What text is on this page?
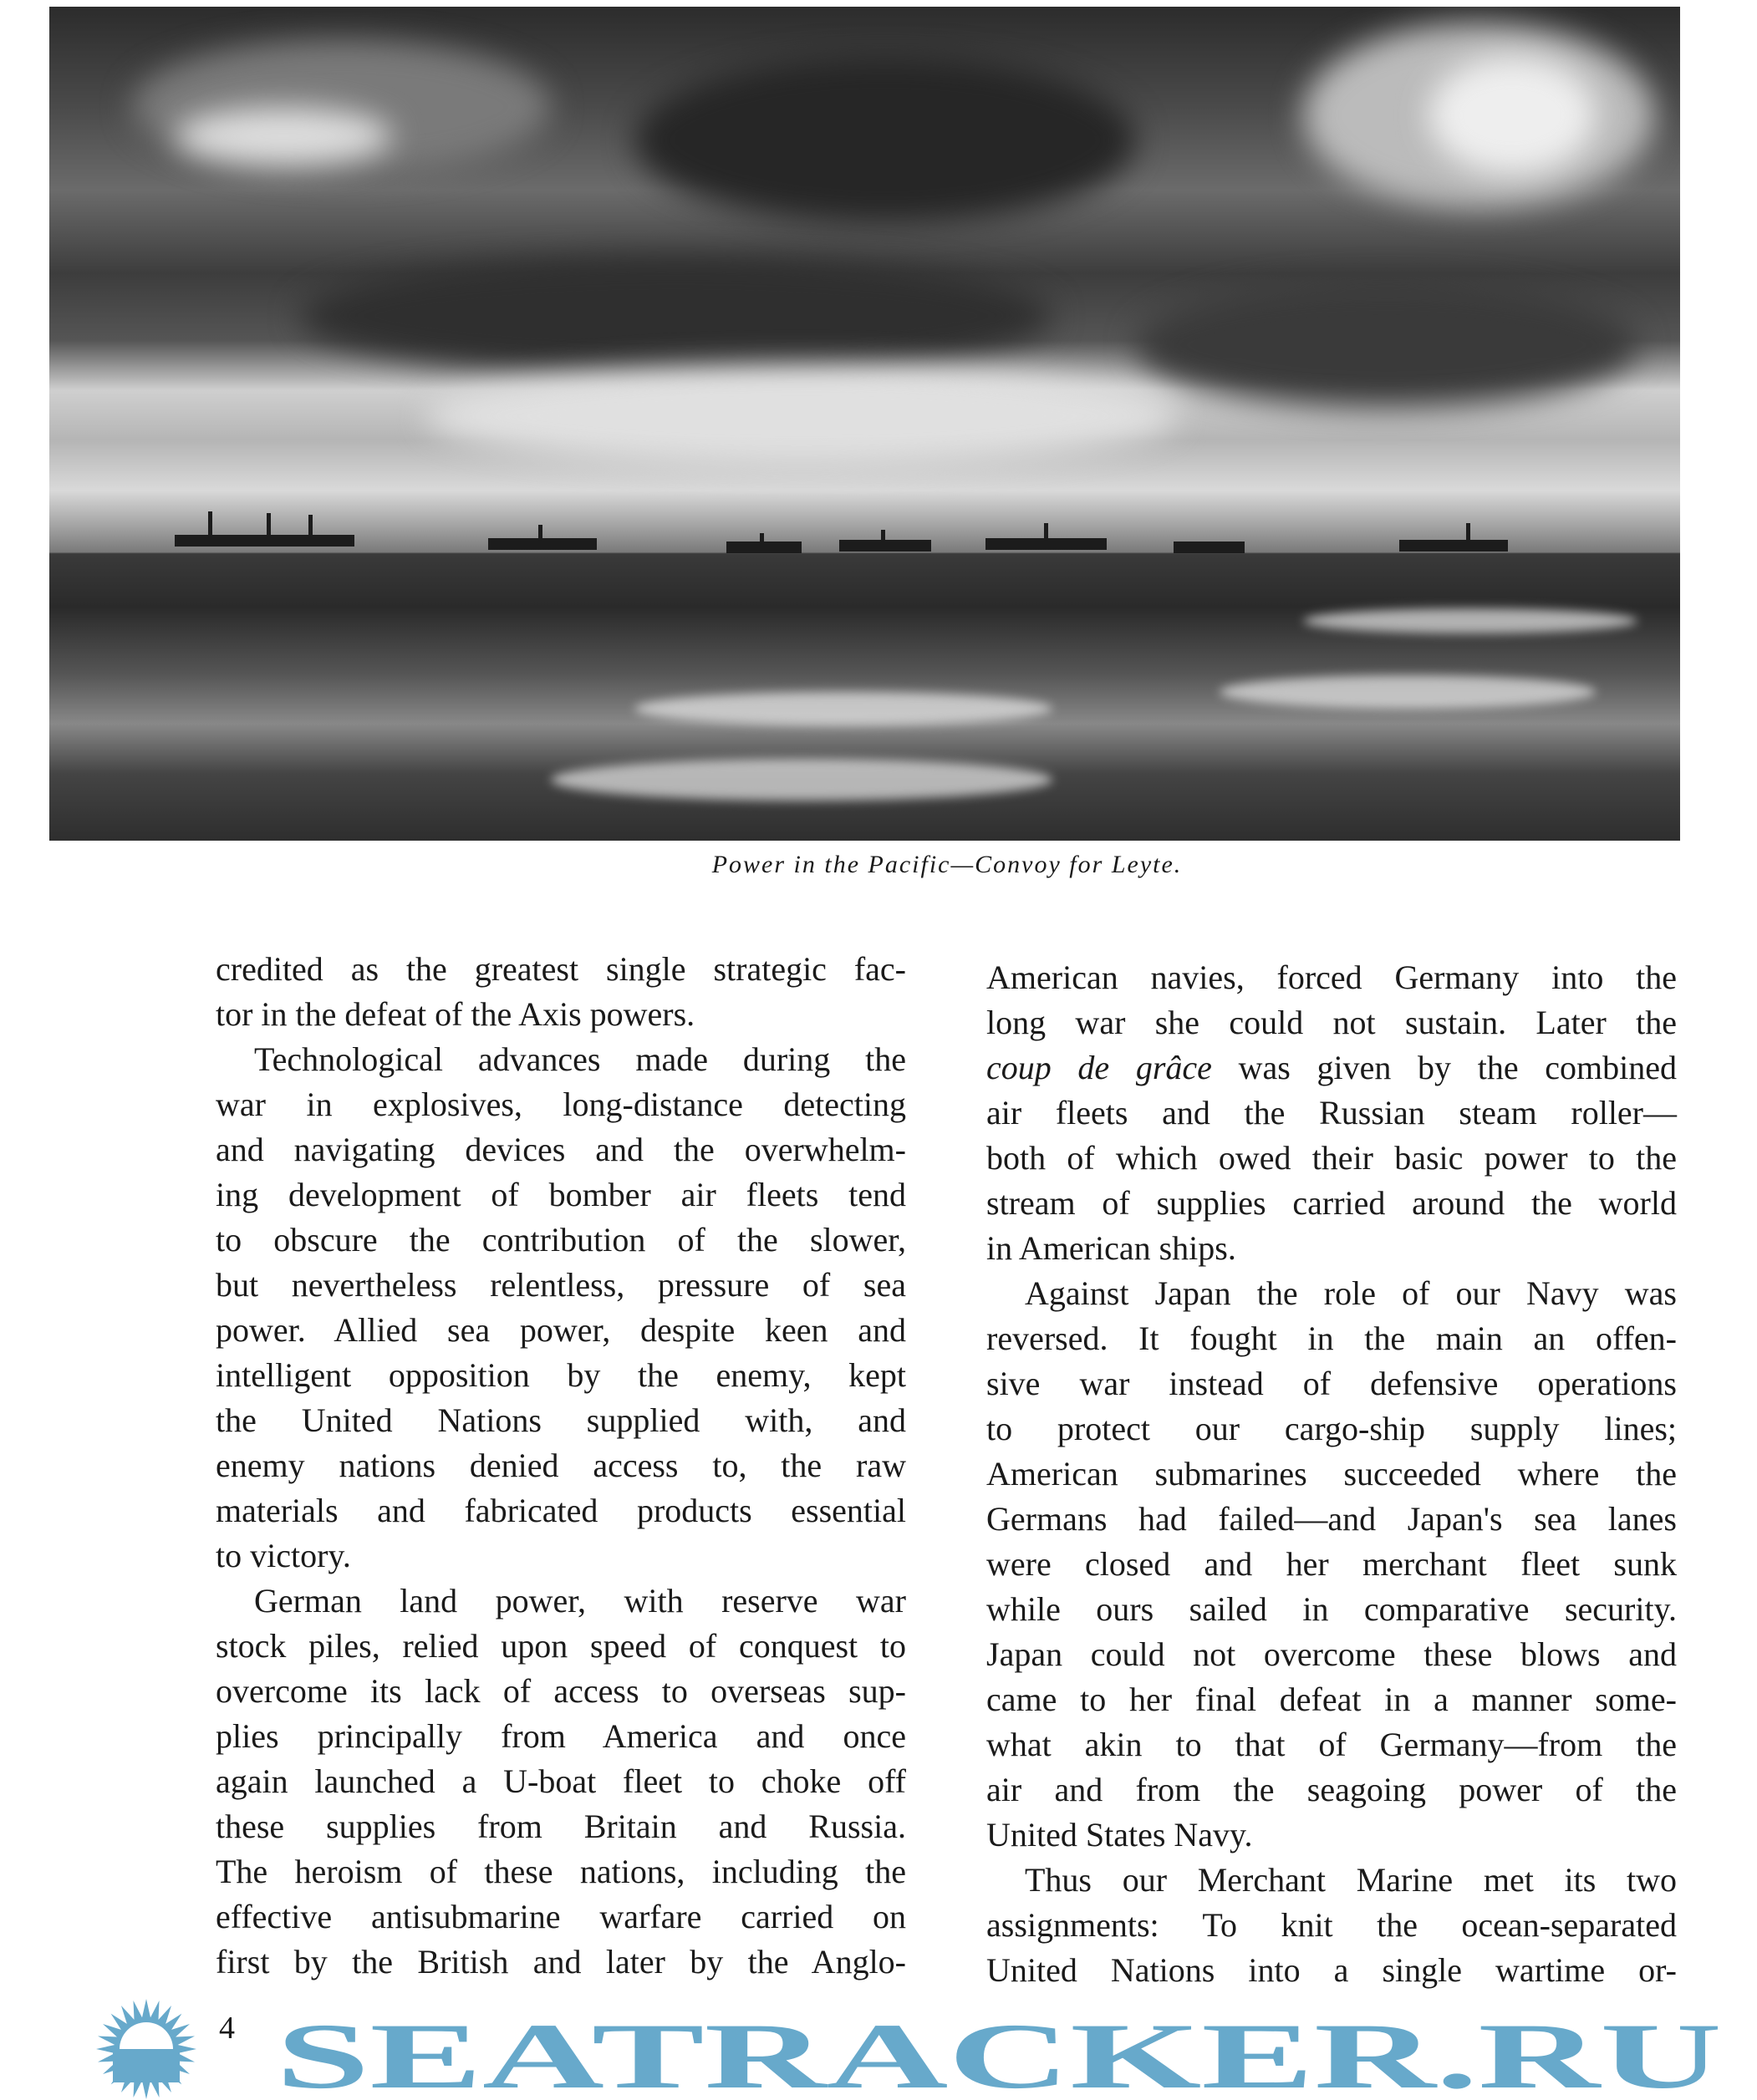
Power in the Pacific—Convoy for Leyte.
credited as the greatest single strategic fac-
tor in the defeat of the Axis powers.
Technological advances made during the
war in explosives, long-distance detecting
and navigating devices and the overwhelm-
ing development of bomber air fleets tend
to obscure the contribution of the slower,
but nevertheless relentless, pressure of sea
power. Allied sea power, despite keen and
intelligent opposition by the enemy, kept
the United Nations supplied with, and
enemy nations denied access to, the raw
materials and fabricated products essential
to victory.
German land power, with reserve war
stock piles, relied upon speed of conquest to
overcome its lack of access to overseas sup-
plies principally from America and once
again launched a U-boat fleet to choke off
these supplies from Britain and Russia.
The heroism of these nations, including the
effective antisubmarine warfare carried on
first by the British and later by the Anglo-
American navies, forced Germany into the
long war she could not sustain. Later the
coup de grâce was given by the combined
air fleets and the Russian steam roller—
both of which owed their basic power to the
stream of supplies carried around the world
in American ships.
Against Japan the role of our Navy was
reversed. It fought in the main an offen-
sive war instead of defensive operations
to protect our cargo-ship supply lines;
American submarines succeeded where the
Germans had failed—and Japan's sea lanes
were closed and her merchant fleet sunk
while ours sailed in comparative security.
Japan could not overcome these blows and
came to her final defeat in a manner some-
what akin to that of Germany—from the
air and from the seagoing power of the
United States Navy.
Thus our Merchant Marine met its two
assignments: To knit the ocean-separated
United Nations into a single wartime or-
4 SEATRACKER.RU
